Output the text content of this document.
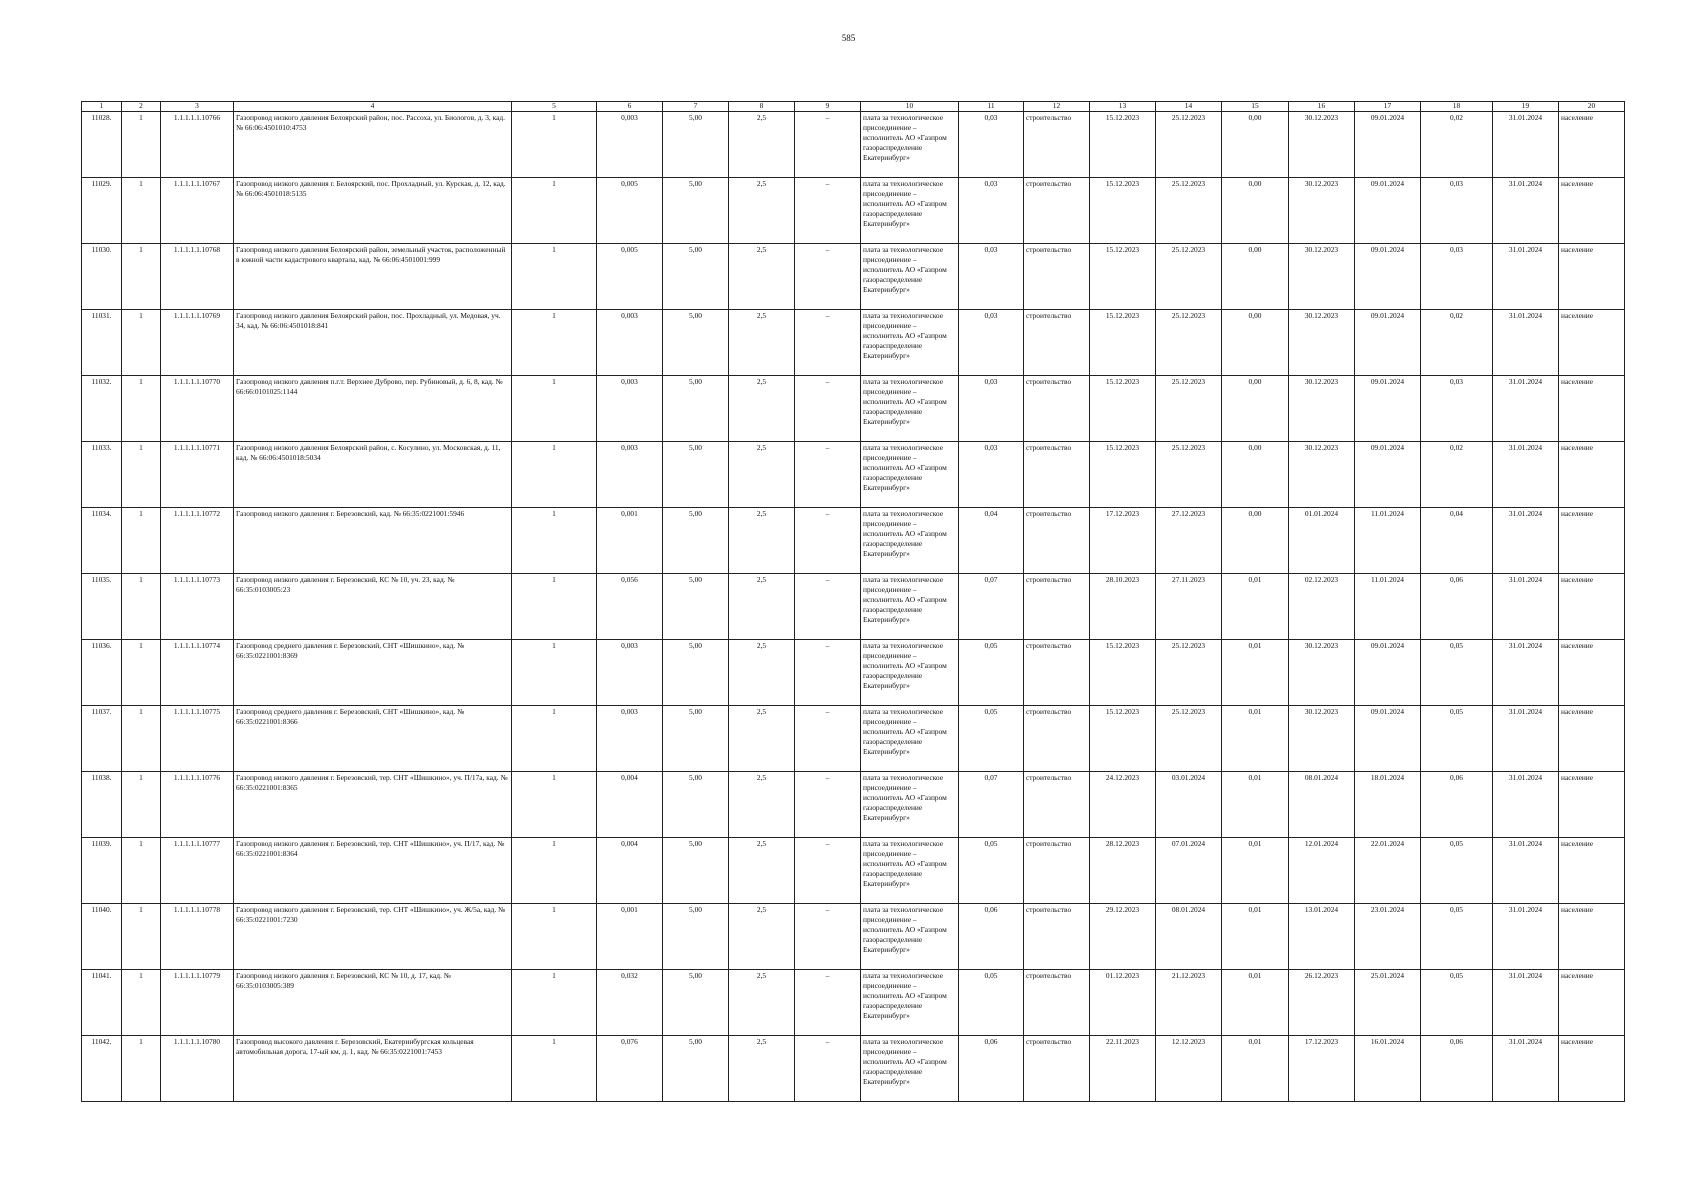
585
1	2	3	4	5	6	7	8	9	10	11	12	13	14	15	16	17	18	19	20
11028.	1	1.1.1.1.1.10766	Газопровод низкого давления Белоярский район, пос. Рассоха, ул. Биологов, д. 3, кад. № 66:06:4501010:4753	1	0,003	5,00	2,5	–	плата за технологическое присоединение – исполнитель АО «Газпром газораспределение Екатеринбург»	0,03	строительство	15.12.2023	25.12.2023	0,00	30.12.2023	09.01.2024	0,02	31.01.2024	население
11029.	1	1.1.1.1.1.10767	Газопровод низкого давления г. Белоярский, пос. Прохладный, ул. Курская, д. 12, кад. № 66:06:4501018:5135	1	0,005	5,00	2,5	–	плата за технологическое присоединение – исполнитель АО «Газпром газораспределение Екатеринбург»	0,03	строительство	15.12.2023	25.12.2023	0,00	30.12.2023	09.01.2024	0,03	31.01.2024	население
11030.	1	1.1.1.1.1.10768	Газопровод низкого давления Белоярский район, земельный участок, расположенный в южной части кадастрового квартала, кад. № 66:06:4501001:999	1	0,005	5,00	2,5	–	плата за технологическое присоединение – исполнитель АО «Газпром газораспределение Екатеринбург»	0,03	строительство	15.12.2023	25.12.2023	0,00	30.12.2023	09.01.2024	0,03	31.01.2024	население
11031.	1	1.1.1.1.1.10769	Газопровод низкого давления Белоярский район, пос. Прохладный, ул. Медовая, уч. 34, кад. № 66:06:4501018:841	1	0,003	5,00	2,5	–	плата за технологическое присоединение – исполнитель АО «Газпром газораспределение Екатеринбург»	0,03	строительство	15.12.2023	25.12.2023	0,00	30.12.2023	09.01.2024	0,02	31.01.2024	население
11032.	1	1.1.1.1.1.10770	Газопровод низкого давления п.г.т. Верхнее Дуброво, пер. Рубиновый, д. 6, 8, кад. № 66:66:0101025:1144	1	0,003	5,00	2,5	–	плата за технологическое присоединение – исполнитель АО «Газпром газораспределение Екатеринбург»	0,03	строительство	15.12.2023	25.12.2023	0,00	30.12.2023	09.01.2024	0,03	31.01.2024	население
11033.	1	1.1.1.1.1.10771	Газопровод низкого давления Белоярский район, с. Косулино, ул. Московская, д. 11, кад. № 66:06:4501018:5034	1	0,003	5,00	2,5	–	плата за технологическое присоединение – исполнитель АО «Газпром газораспределение Екатеринбург»	0,03	строительство	15.12.2023	25.12.2023	0,00	30.12.2023	09.01.2024	0,02	31.01.2024	население
11034.	1	1.1.1.1.1.10772	Газопровод низкого давления г. Березовский, кад. № 66:35:0221001:5946	1	0,001	5,00	2,5	–	плата за технологическое присоединение – исполнитель АО «Газпром газораспределение Екатеринбург»	0,04	строительство	17.12.2023	27.12.2023	0,00	01.01.2024	11.01.2024	0,04	31.01.2024	население
11035.	1	1.1.1.1.1.10773	Газопровод низкого давления г. Березовский, КС № 10, уч. 23, кад. № 66:35:0103005:23	1	0,056	5,00	2,5	–	плата за технологическое присоединение – исполнитель АО «Газпром газораспределение Екатеринбург»	0,07	строительство	28.10.2023	27.11.2023	0,01	02.12.2023	11.01.2024	0,06	31.01.2024	население
11036.	1	1.1.1.1.1.10774	Газопровод среднего давления г. Березовский, СНТ «Шишкино», кад. № 66:35:0221001:8369	1	0,003	5,00	2,5	–	плата за технологическое присоединение – исполнитель АО «Газпром газораспределение Екатеринбург»	0,05	строительство	15.12.2023	25.12.2023	0,01	30.12.2023	09.01.2024	0,05	31.01.2024	население
11037.	1	1.1.1.1.1.10775	Газопровод среднего давления г. Березовский, СНТ «Шишкино», кад. № 66:35:0221001:8366	1	0,003	5,00	2,5	–	плата за технологическое присоединение – исполнитель АО «Газпром газораспределение Екатеринбург»	0,05	строительство	15.12.2023	25.12.2023	0,01	30.12.2023	09.01.2024	0,05	31.01.2024	население
11038.	1	1.1.1.1.1.10776	Газопровод низкого давления г. Березовский, тер. СНТ «Шишкино», уч. П/17а, кад. № 66:35:0221001:8365	1	0,004	5,00	2,5	–	плата за технологическое присоединение – исполнитель АО «Газпром газораспределение Екатеринбург»	0,07	строительство	24.12.2023	03.01.2024	0,01	08.01.2024	18.01.2024	0,06	31.01.2024	население
11039.	1	1.1.1.1.1.10777	Газопровод низкого давления г. Березовский, тер. СНТ «Шишкино», уч. П/17, кад. № 66:35:0221001:8364	1	0,004	5,00	2,5	–	плата за технологическое присоединение – исполнитель АО «Газпром газораспределение Екатеринбург»	0,05	строительство	28.12.2023	07.01.2024	0,01	12.01.2024	22.01.2024	0,05	31.01.2024	население
11040.	1	1.1.1.1.1.10778	Газопровод низкого давления г. Березовский, тер. СНТ «Шишкино», уч. Ж/5а, кад. № 66:35:0221001:7230	1	0,001	5,00	2,5	–	плата за технологическое присоединение – исполнитель АО «Газпром газораспределение Екатеринбург»	0,06	строительство	29.12.2023	08.01.2024	0,01	13.01.2024	23.01.2024	0,05	31.01.2024	население
11041.	1	1.1.1.1.1.10779	Газопровод низкого давления г. Березовский, КС № 10, д. 17, кад. № 66:35:0103005:389	1	0,032	5,00	2,5	–	плата за технологическое присоединение – исполнитель АО «Газпром газораспределение Екатеринбург»	0,05	строительство	01.12.2023	21.12.2023	0,01	26.12.2023	25.01.2024	0,05	31.01.2024	население
11042.	1	1.1.1.1.1.10780	Газопровод высокого давления г. Березовский, Екатеринбургская кольцевая автомобильная дорога, 17-ый км, д. 1, кад. № 66:35:0221001:7453	1	0,076	5,00	2,5	–	плата за технологическое присоединение – исполнитель АО «Газпром газораспределение Екатеринбург»	0,06	строительство	22.11.2023	12.12.2023	0,01	17.12.2023	16.01.2024	0,06	31.01.2024	население
